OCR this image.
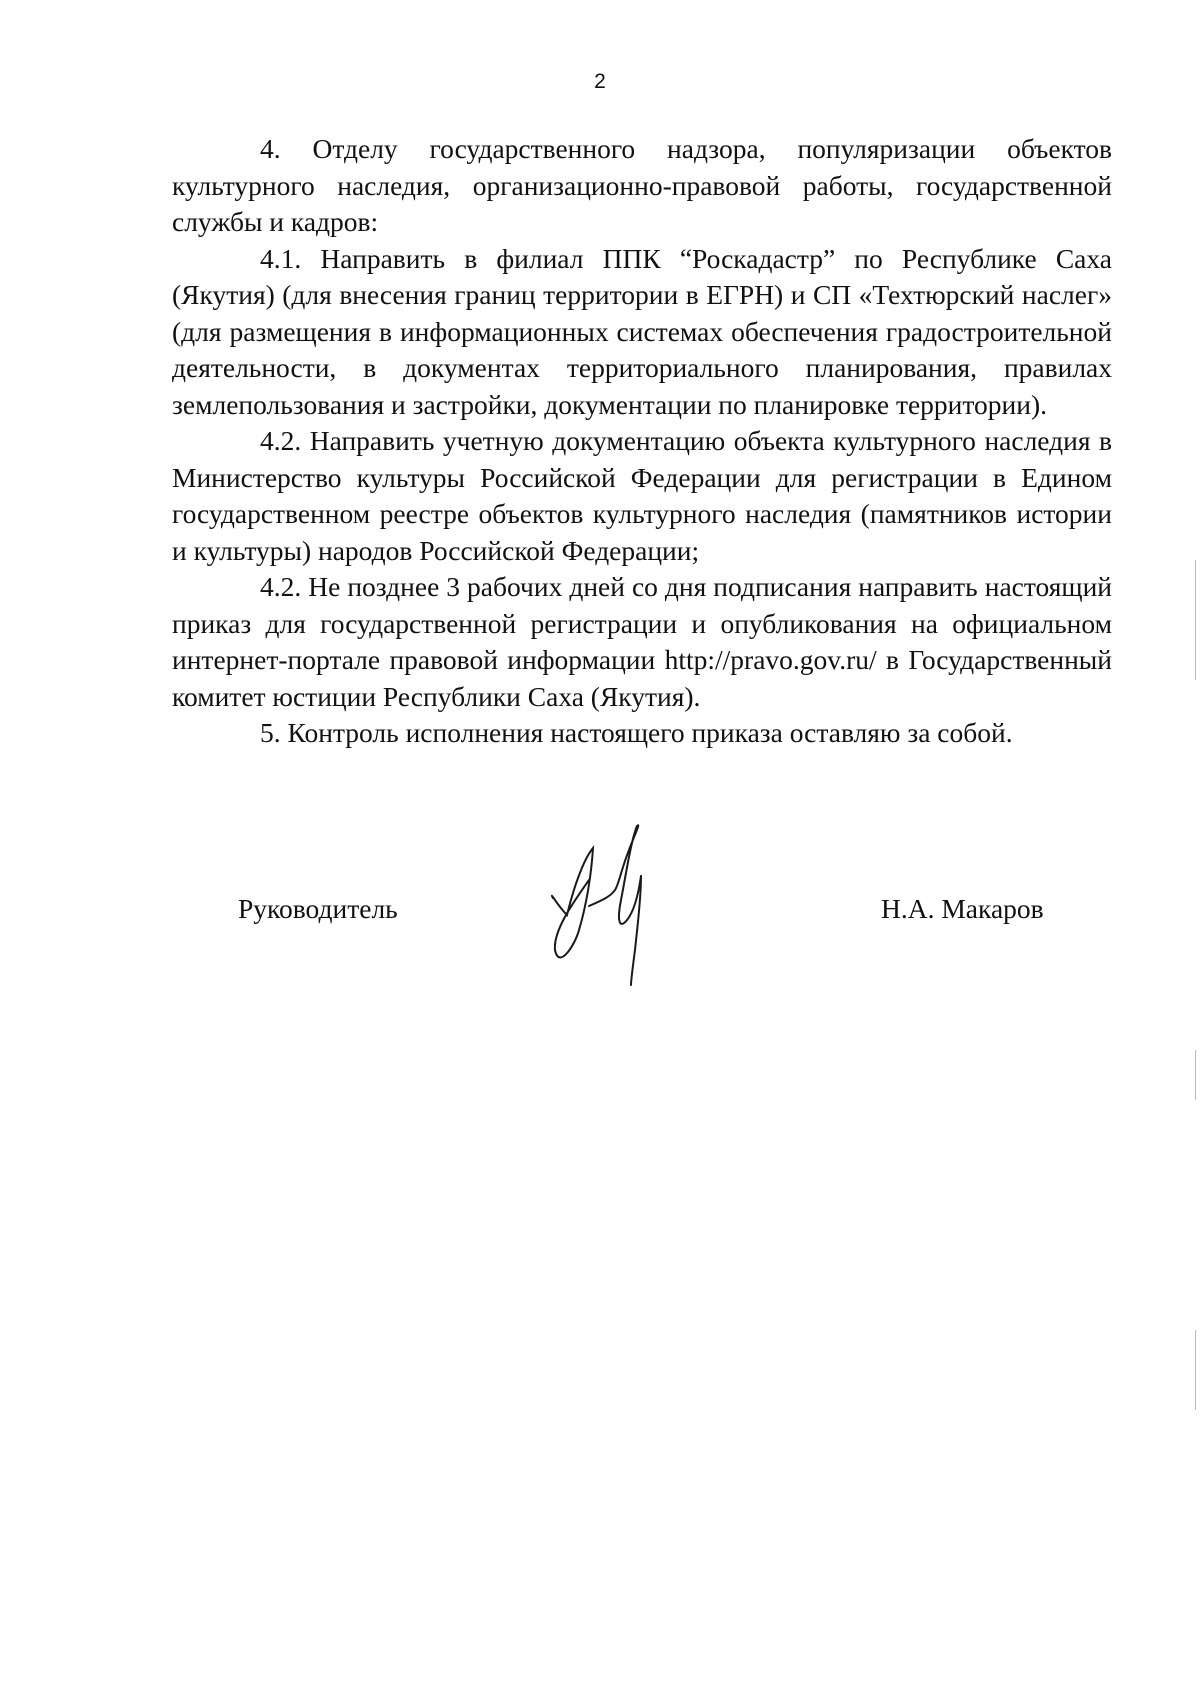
2

4. Отделу государственного надзора, популяризации объектов культурного наследия, организационно-правовой работы, государственной службы и кадров:

4.1. Направить в филиал ППК “Роскадастр” по Республике Саха (Якутия) (для внесения границ территории в ЕГРН) и СП «Техтюрский наслег» (для размещения в информационных системах обеспечения градостроительной деятельности, в документах территориального планирования, правилах землепользования и застройки, документации по планировке территории).

4.2. Направить учетную документацию объекта культурного наследия в Министерство культуры Российской Федерации для регистрации в Едином государственном реестре объектов культурного наследия (памятников истории и культуры) народов Российской Федерации;

4.2. Не позднее 3 рабочих дней со дня подписания направить настоящий приказ для государственной регистрации и опубликования на официальном интернет-портале правовой информации http://pravo.gov.ru/ в Государственный комитет юстиции Республики Саха (Якутия).

5. Контроль исполнения настоящего приказа оставляю за собой.

Руководитель	Н.А. Макаров
